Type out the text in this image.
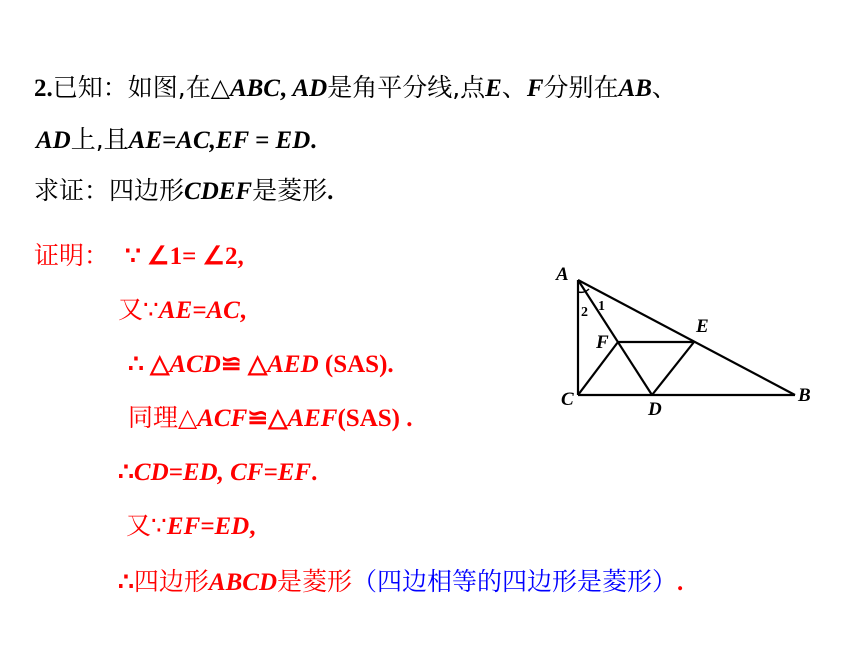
2.已知：如图,在△ABC, AD是角平分线,点E、F分别在AB、
AD上,且AE=AC,EF = ED.
求证：四边形CDEF是菱形.
证明： ∵ ∠1= ∠2,
又∵AE=AC,
∴ △ACD≌ △AED (SAS).
同理△ACF≌△AEF(SAS) .
∴CD=ED, CF=EF.
又∵EF=ED,
∴四边形ABCD是菱形（四边相等的四边形是菱形）.
A
B
C	D
E
F
1
2
